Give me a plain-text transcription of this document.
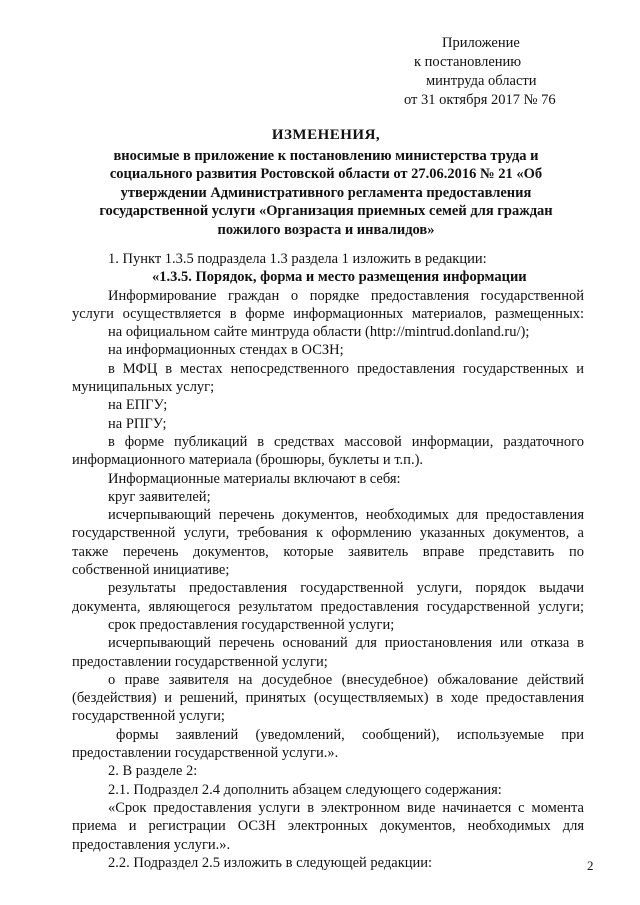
Приложение
к постановлению
минтруда области
от 31 октября 2017 № 76
ИЗМЕНЕНИЯ,
вносимые в приложение к постановлению министерства труда и
социального развития Ростовской области от 27.06.2016 № 21 «Об
утверждении Административного регламента предоставления
государственной услуги «Организация приемных семей для граждан
пожилого возраста и инвалидов»
1. Пункт 1.3.5 подраздела 1.3 раздела 1 изложить в редакции:
«1.3.5. Порядок, форма и место размещения информации
Информирование граждан о порядке предоставления государственной
услуги осуществляется в форме информационных материалов, размещенных:
на официальном сайте минтруда области (http://mintrud.donland.ru/);
на информационных стендах в ОСЗН;
в МФЦ в местах непосредственного предоставления государственных и
муниципальных услуг;
на ЕПГУ;
на РПГУ;
в форме публикаций в средствах массовой информации, раздаточного
информационного материала (брошюры, буклеты и т.п.).
Информационные материалы включают в себя:
круг заявителей;
исчерпывающий перечень документов, необходимых для предоставления
государственной услуги, требования к оформлению указанных документов, а
также перечень документов, которые заявитель вправе представить по
собственной инициативе;
результаты предоставления государственной услуги, порядок выдачи
документа, являющегося результатом предоставления государственной услуги;
срок предоставления государственной услуги;
исчерпывающий перечень оснований для приостановления или отказа в
предоставлении государственной услуги;
о праве заявителя на досудебное (внесудебное) обжалование действий
(бездействия) и решений, принятых (осуществляемых) в ходе предоставления
государственной услуги;
формы заявлений (уведомлений, сообщений), используемые при
предоставлении государственной услуги.».
2. В разделе 2:
2.1. Подраздел 2.4 дополнить абзацем следующего содержания:
«Срок предоставления услуги в электронном виде начинается с момента
приема и регистрации ОСЗН электронных документов, необходимых для
предоставления услуги.».
2.2. Подраздел 2.5 изложить в следующей редакции:	2
